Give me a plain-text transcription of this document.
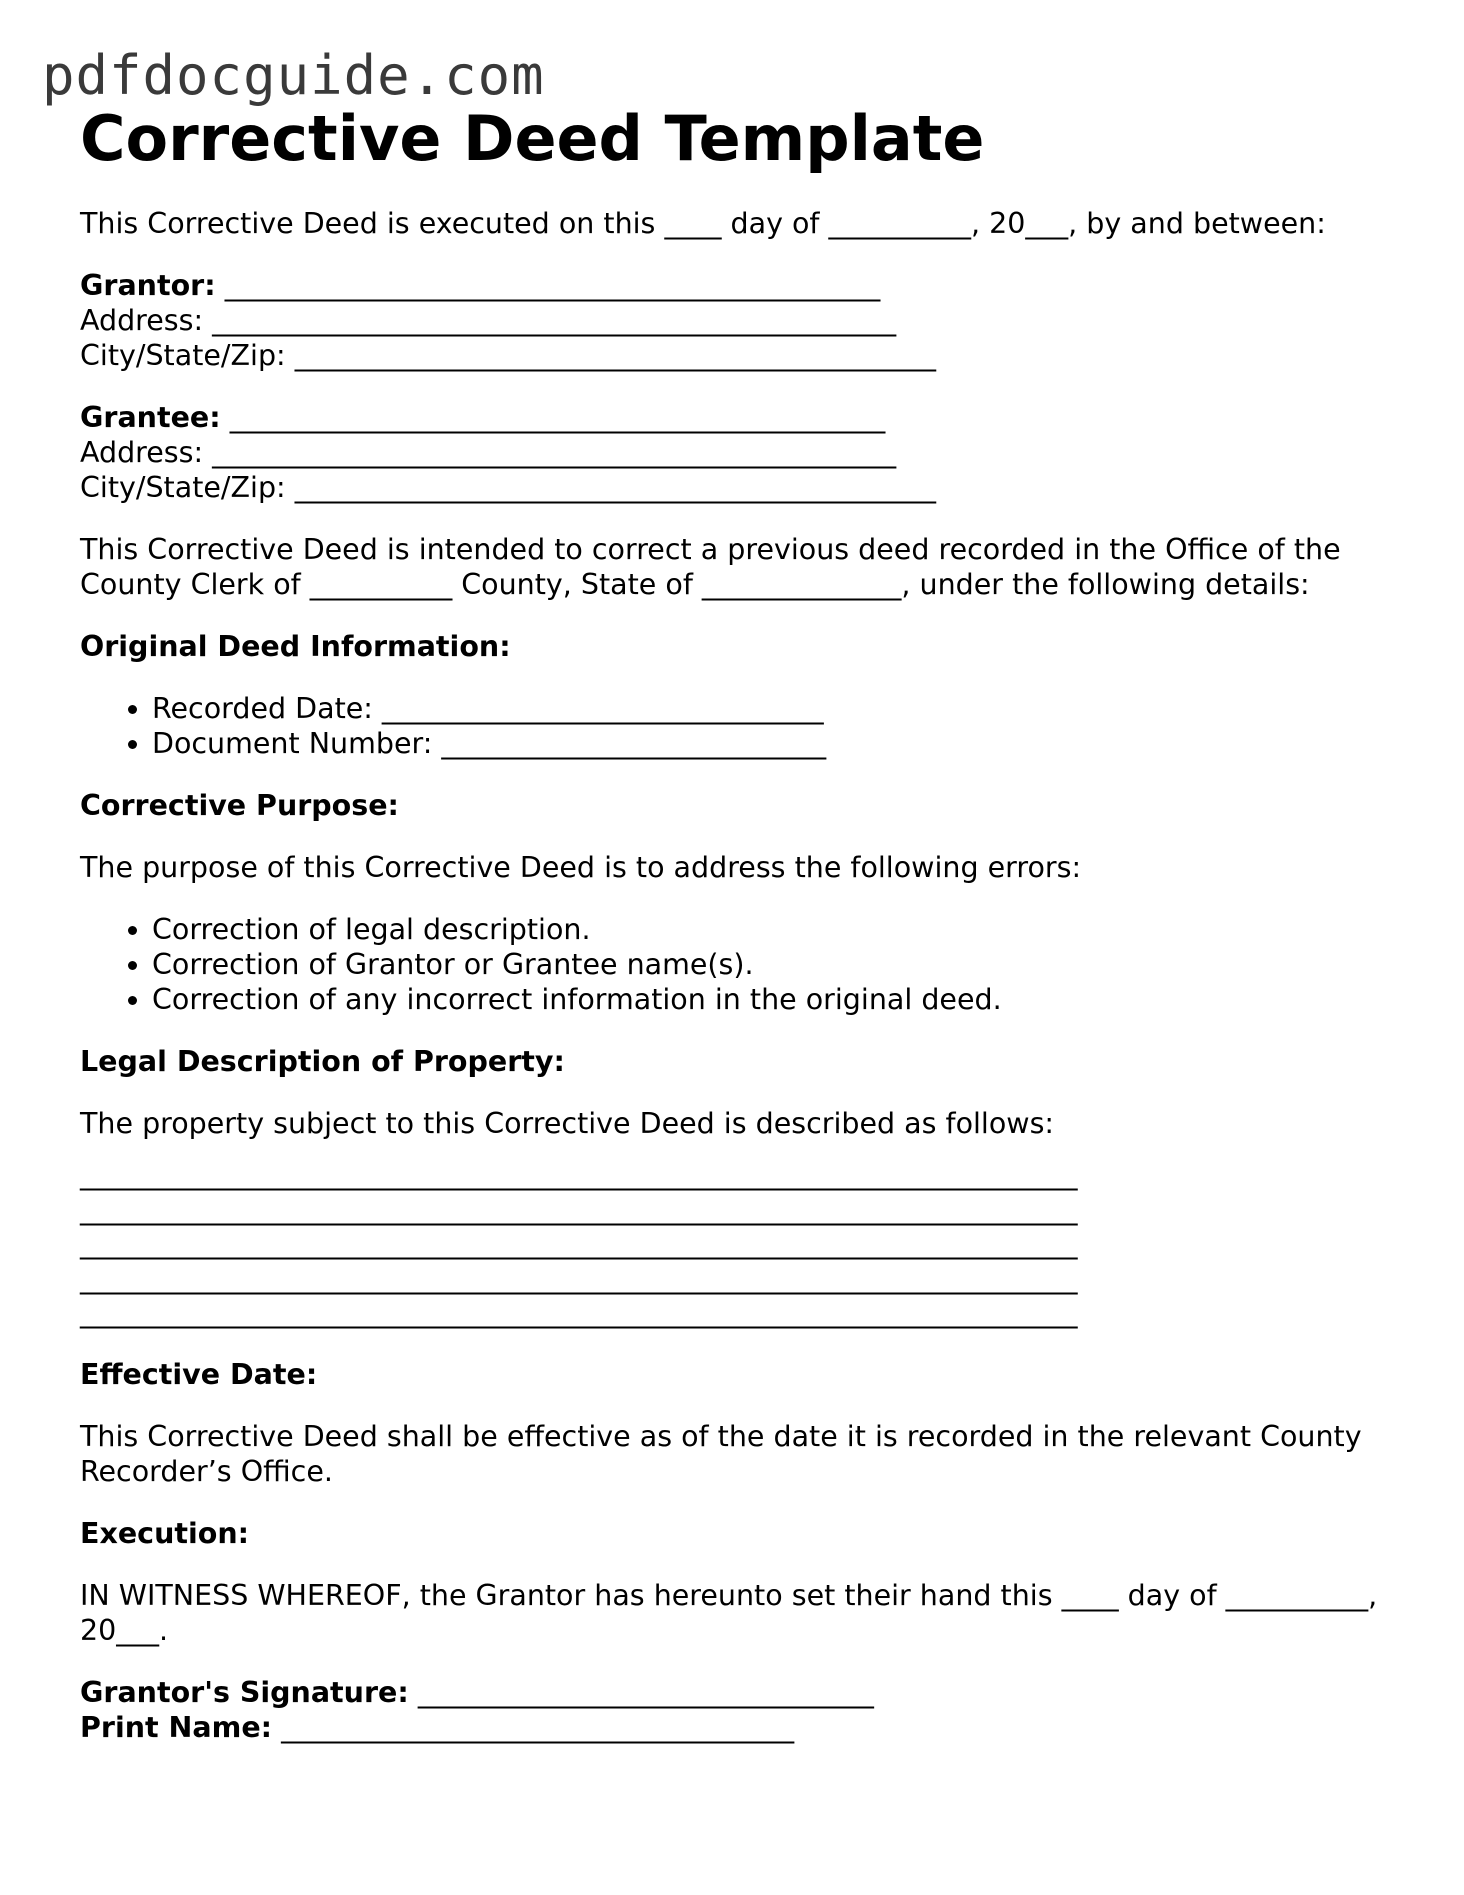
pdfdocguide.com
Corrective Deed Template

This Corrective Deed is executed on this ____ day of __________, 20___, by and between:

Grantor: ______________________________________________

Address: ________________________________________________

City/State/Zip: _____________________________________________

Grantee: ______________________________________________

Address: ________________________________________________

City/State/Zip: _____________________________________________

This Corrective Deed is intended to correct a previous deed recorded in the Office of the

County Clerk of __________ County, State of ______________, under the following details:

Original Deed Information:

• Recorded Date: _______________________________
• Document Number: ___________________________

Corrective Purpose:

The purpose of this Corrective Deed is to address the following errors:

• Correction of legal description.
• Correction of Grantor or Grantee name(s).
• Correction of any incorrect information in the original deed.

Legal Description of Property:

The property subject to this Corrective Deed is described as follows:

______________________________________________________________________

______________________________________________________________________

______________________________________________________________________

______________________________________________________________________

______________________________________________________________________

Effective Date:

This Corrective Deed shall be effective as of the date it is recorded in the relevant County

Recorder’s Office.

Execution:

IN WITNESS WHEREOF, the Grantor has hereunto set their hand this ____ day of __________,

20___.

Grantor's Signature: ________________________________

Print Name: ____________________________________
